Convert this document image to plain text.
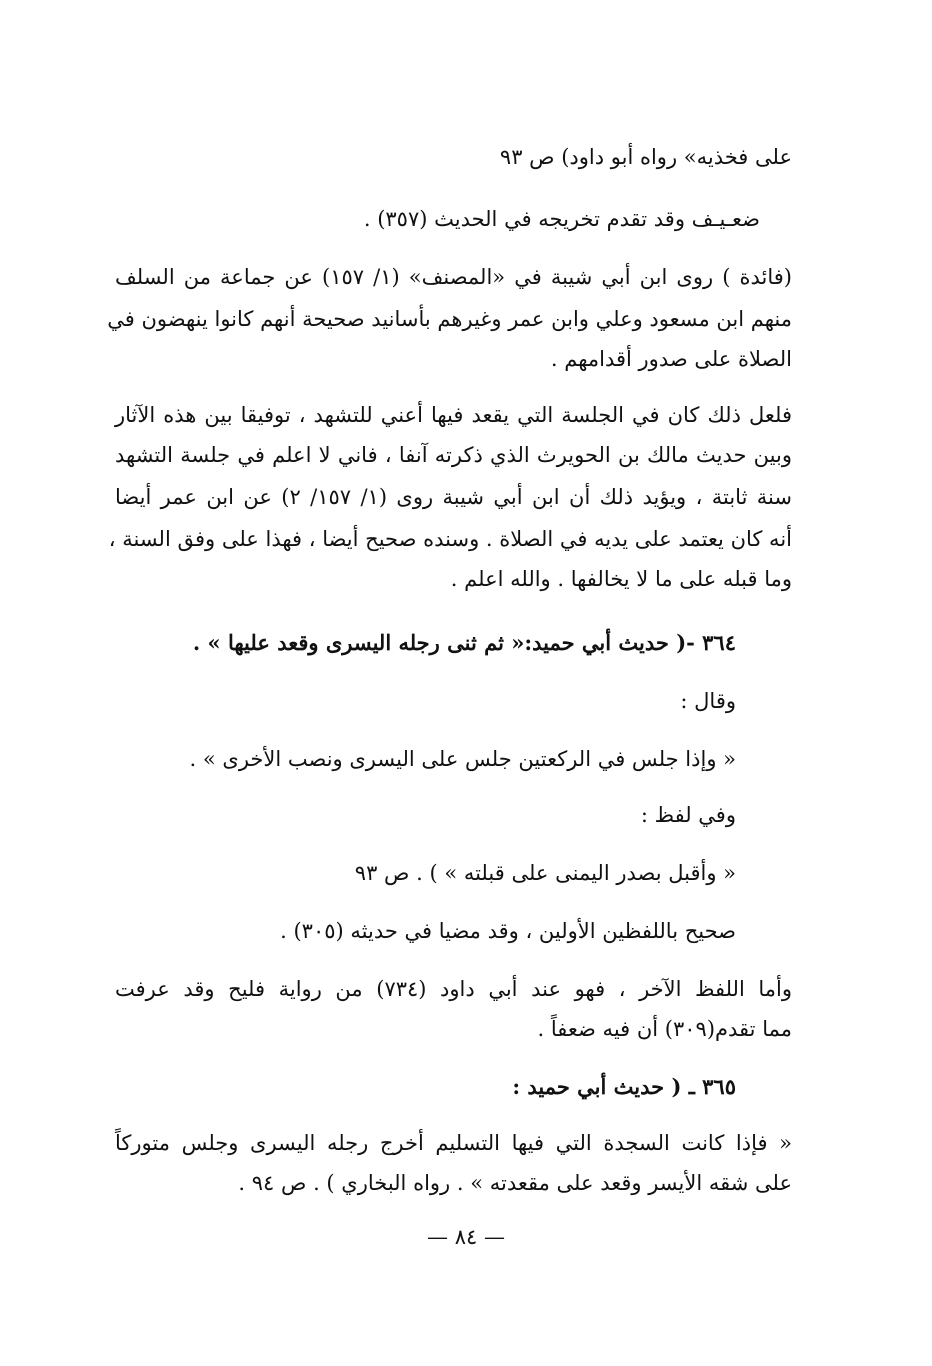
على فخذيه» رواه أبو داود) ص ٩٣
ضعـيـف وقد تقدم تخريجه في الحديث (٣٥٧) .
(فائدة ) روى ابن أبي شيبة في «المصنف» (١/ ١٥٧) عن جماعة من السلف
منهم ابن مسعود وعلي وابن عمر وغيرهم بأسانيد صحيحة أنهم كانوا ينهضون في
الصلاة على صدور أقدامهم .
فلعل ذلك كان في الجلسة التي يقعد فيها أعني للتشهد ، توفيقا بين هذه الآثار
وبين حديث مالك بن الحويرث الذي ذكرته آنفا ، فاني لا اعلم في جلسة التشهد
سنة ثابتة ، ويؤيد ذلك أن ابن أبي شيبة روى (١/ ١٥٧/ ٢) عن ابن عمر أيضا
أنه كان يعتمد على يديه في الصلاة . وسنده صحيح أيضا ، فهذا على وفق السنة ،
وما قبله على ما لا يخالفها . والله اعلم .
٣٦٤ -( حديث أبي حميد:« ثم ثنى رجله اليسرى وقعد عليها » .
وقال :
« وإذا جلس في الركعتين جلس على اليسرى ونصب الأخرى » .
وفي لفظ :
« وأقبل بصدر اليمنى على قبلته » ) . ص ٩٣
صحيح باللفظين الأولين ، وقد مضيا في حديثه (٣٠٥) .
وأما اللفظ الآخر ، فهو عند أبي داود (٧٣٤) من رواية فليح وقد عرفت
مما تقدم(٣٠٩) أن فيه ضعفاً .
٣٦٥ ـ ( حديث أبي حميد :
« فإذا كانت السجدة التي فيها التسليم أخرج رجله اليسرى وجلس متوركاً
على شقه الأيسر وقعد على مقعدته » . رواه البخاري ) . ص ٩٤ .
— ٨٤ —
